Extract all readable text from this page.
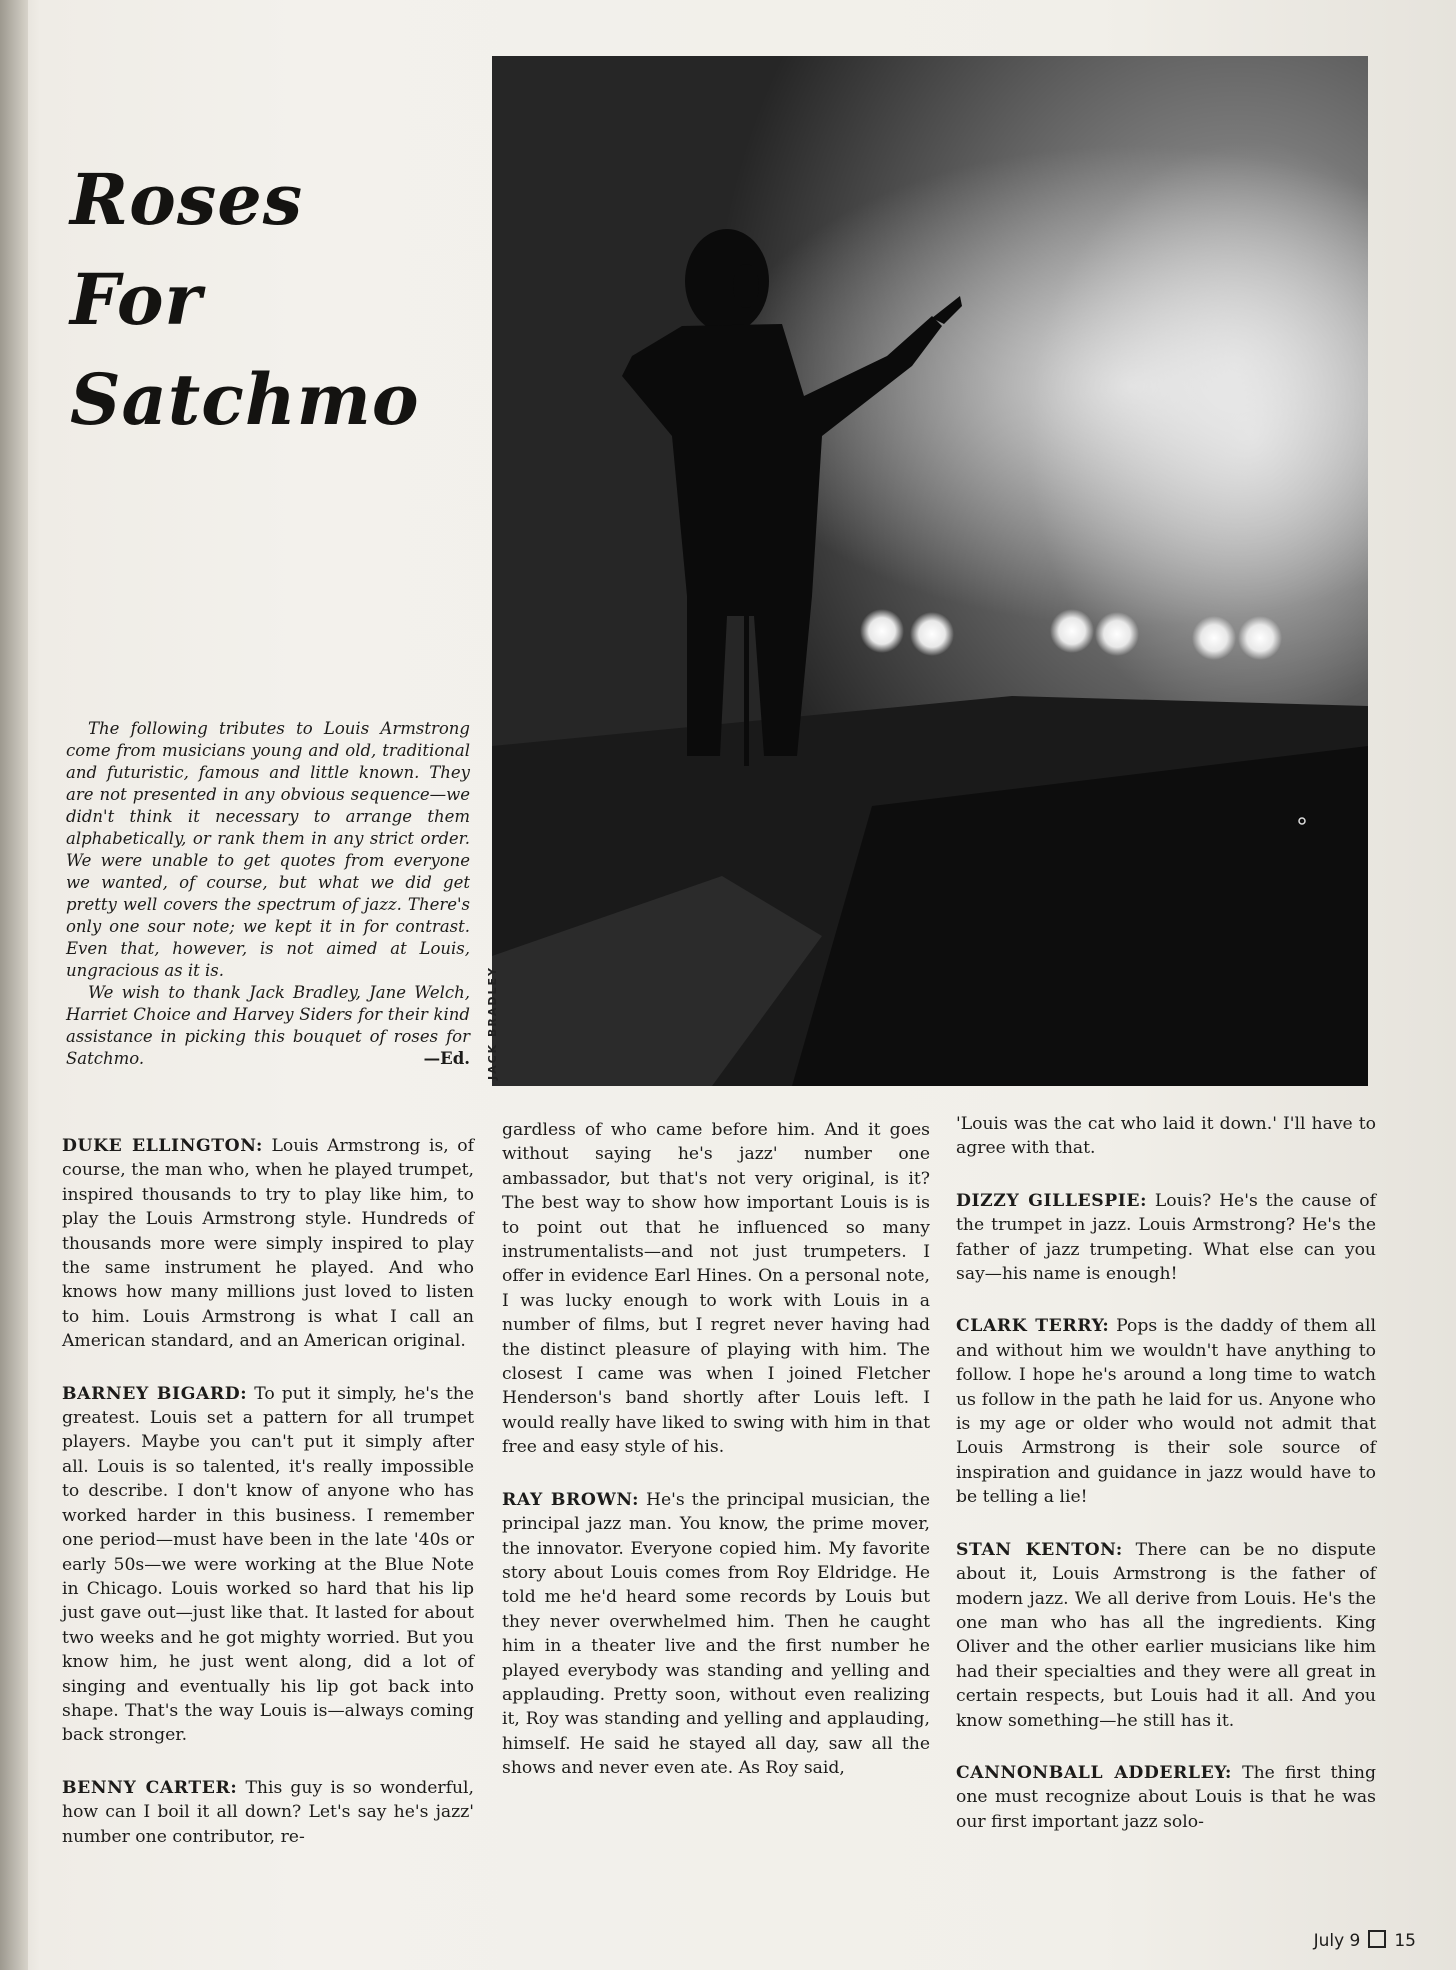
Roses
For
Satchmo
JACK BRADLEY

The following tributes to Louis Armstrong come from musicians young and old, traditional and futuristic, famous and little known. They are not presented in any obvious sequence—we didn't think it necessary to arrange them alphabetically, or rank them in any strict order. We were unable to get quotes from everyone we wanted, of course, but what we did get pretty well covers the spectrum of jazz. There's only one sour note; we kept it in for contrast. Even that, however, is not aimed at Louis, ungracious as it is.

We wish to thank Jack Bradley, Jane Welch, Harriet Choice and Harvey Siders for their kind assistance in picking this bouquet of roses for Satchmo.	—Ed.

DUKE ELLINGTON: Louis Armstrong is, of course, the man who, when he played trumpet, inspired thousands to try to play like him, to play the Louis Armstrong style. Hundreds of thousands more were simply inspired to play the same instrument he played. And who knows how many millions just loved to listen to him. Louis Armstrong is what I call an American standard, and an American original.

BARNEY BIGARD: To put it simply, he's the greatest. Louis set a pattern for all trumpet players. Maybe you can't put it simply after all. Louis is so talented, it's really impossible to describe. I don't know of anyone who has worked harder in this business. I remember one period—must have been in the late '40s or early 50s—we were working at the Blue Note in Chicago. Louis worked so hard that his lip just gave out—just like that. It lasted for about two weeks and he got mighty worried. But you know him, he just went along, did a lot of singing and eventually his lip got back into shape. That's the way Louis is—always coming back stronger.

BENNY CARTER: This guy is so wonderful, how can I boil it all down? Let's say he's jazz' number one contributor, re-

gardless of who came before him. And it goes without saying he's jazz' number one ambassador, but that's not very original, is it? The best way to show how important Louis is is to point out that he influenced so many instrumentalists—and not just trumpeters. I offer in evidence Earl Hines. On a personal note, I was lucky enough to work with Louis in a number of films, but I regret never having had the distinct pleasure of playing with him. The closest I came was when I joined Fletcher Henderson's band shortly after Louis left. I would really have liked to swing with him in that free and easy style of his.

RAY BROWN: He's the principal musician, the principal jazz man. You know, the prime mover, the innovator. Everyone copied him. My favorite story about Louis comes from Roy Eldridge. He told me he'd heard some records by Louis but they never overwhelmed him. Then he caught him in a theater live and the first number he played everybody was standing and yelling and applauding. Pretty soon, without even realizing it, Roy was standing and yelling and applauding, himself. He said he stayed all day, saw all the shows and never even ate. As Roy said,

'Louis was the cat who laid it down.' I'll have to agree with that.

DIZZY GILLESPIE: Louis? He's the cause of the trumpet in jazz. Louis Armstrong? He's the father of jazz trumpeting. What else can you say—his name is enough!

CLARK TERRY: Pops is the daddy of them all and without him we wouldn't have anything to follow. I hope he's around a long time to watch us follow in the path he laid for us. Anyone who is my age or older who would not admit that Louis Armstrong is their sole source of inspiration and guidance in jazz would have to be telling a lie!

STAN KENTON: There can be no dispute about it, Louis Armstrong is the father of modern jazz. We all derive from Louis. He's the one man who has all the ingredients. King Oliver and the other earlier musicians like him had their specialties and they were all great in certain respects, but Louis had it all. And you know something—he still has it.

CANNONBALL ADDERLEY: The first thing one must recognize about Louis is that he was our first important jazz solo-

July 9 15
